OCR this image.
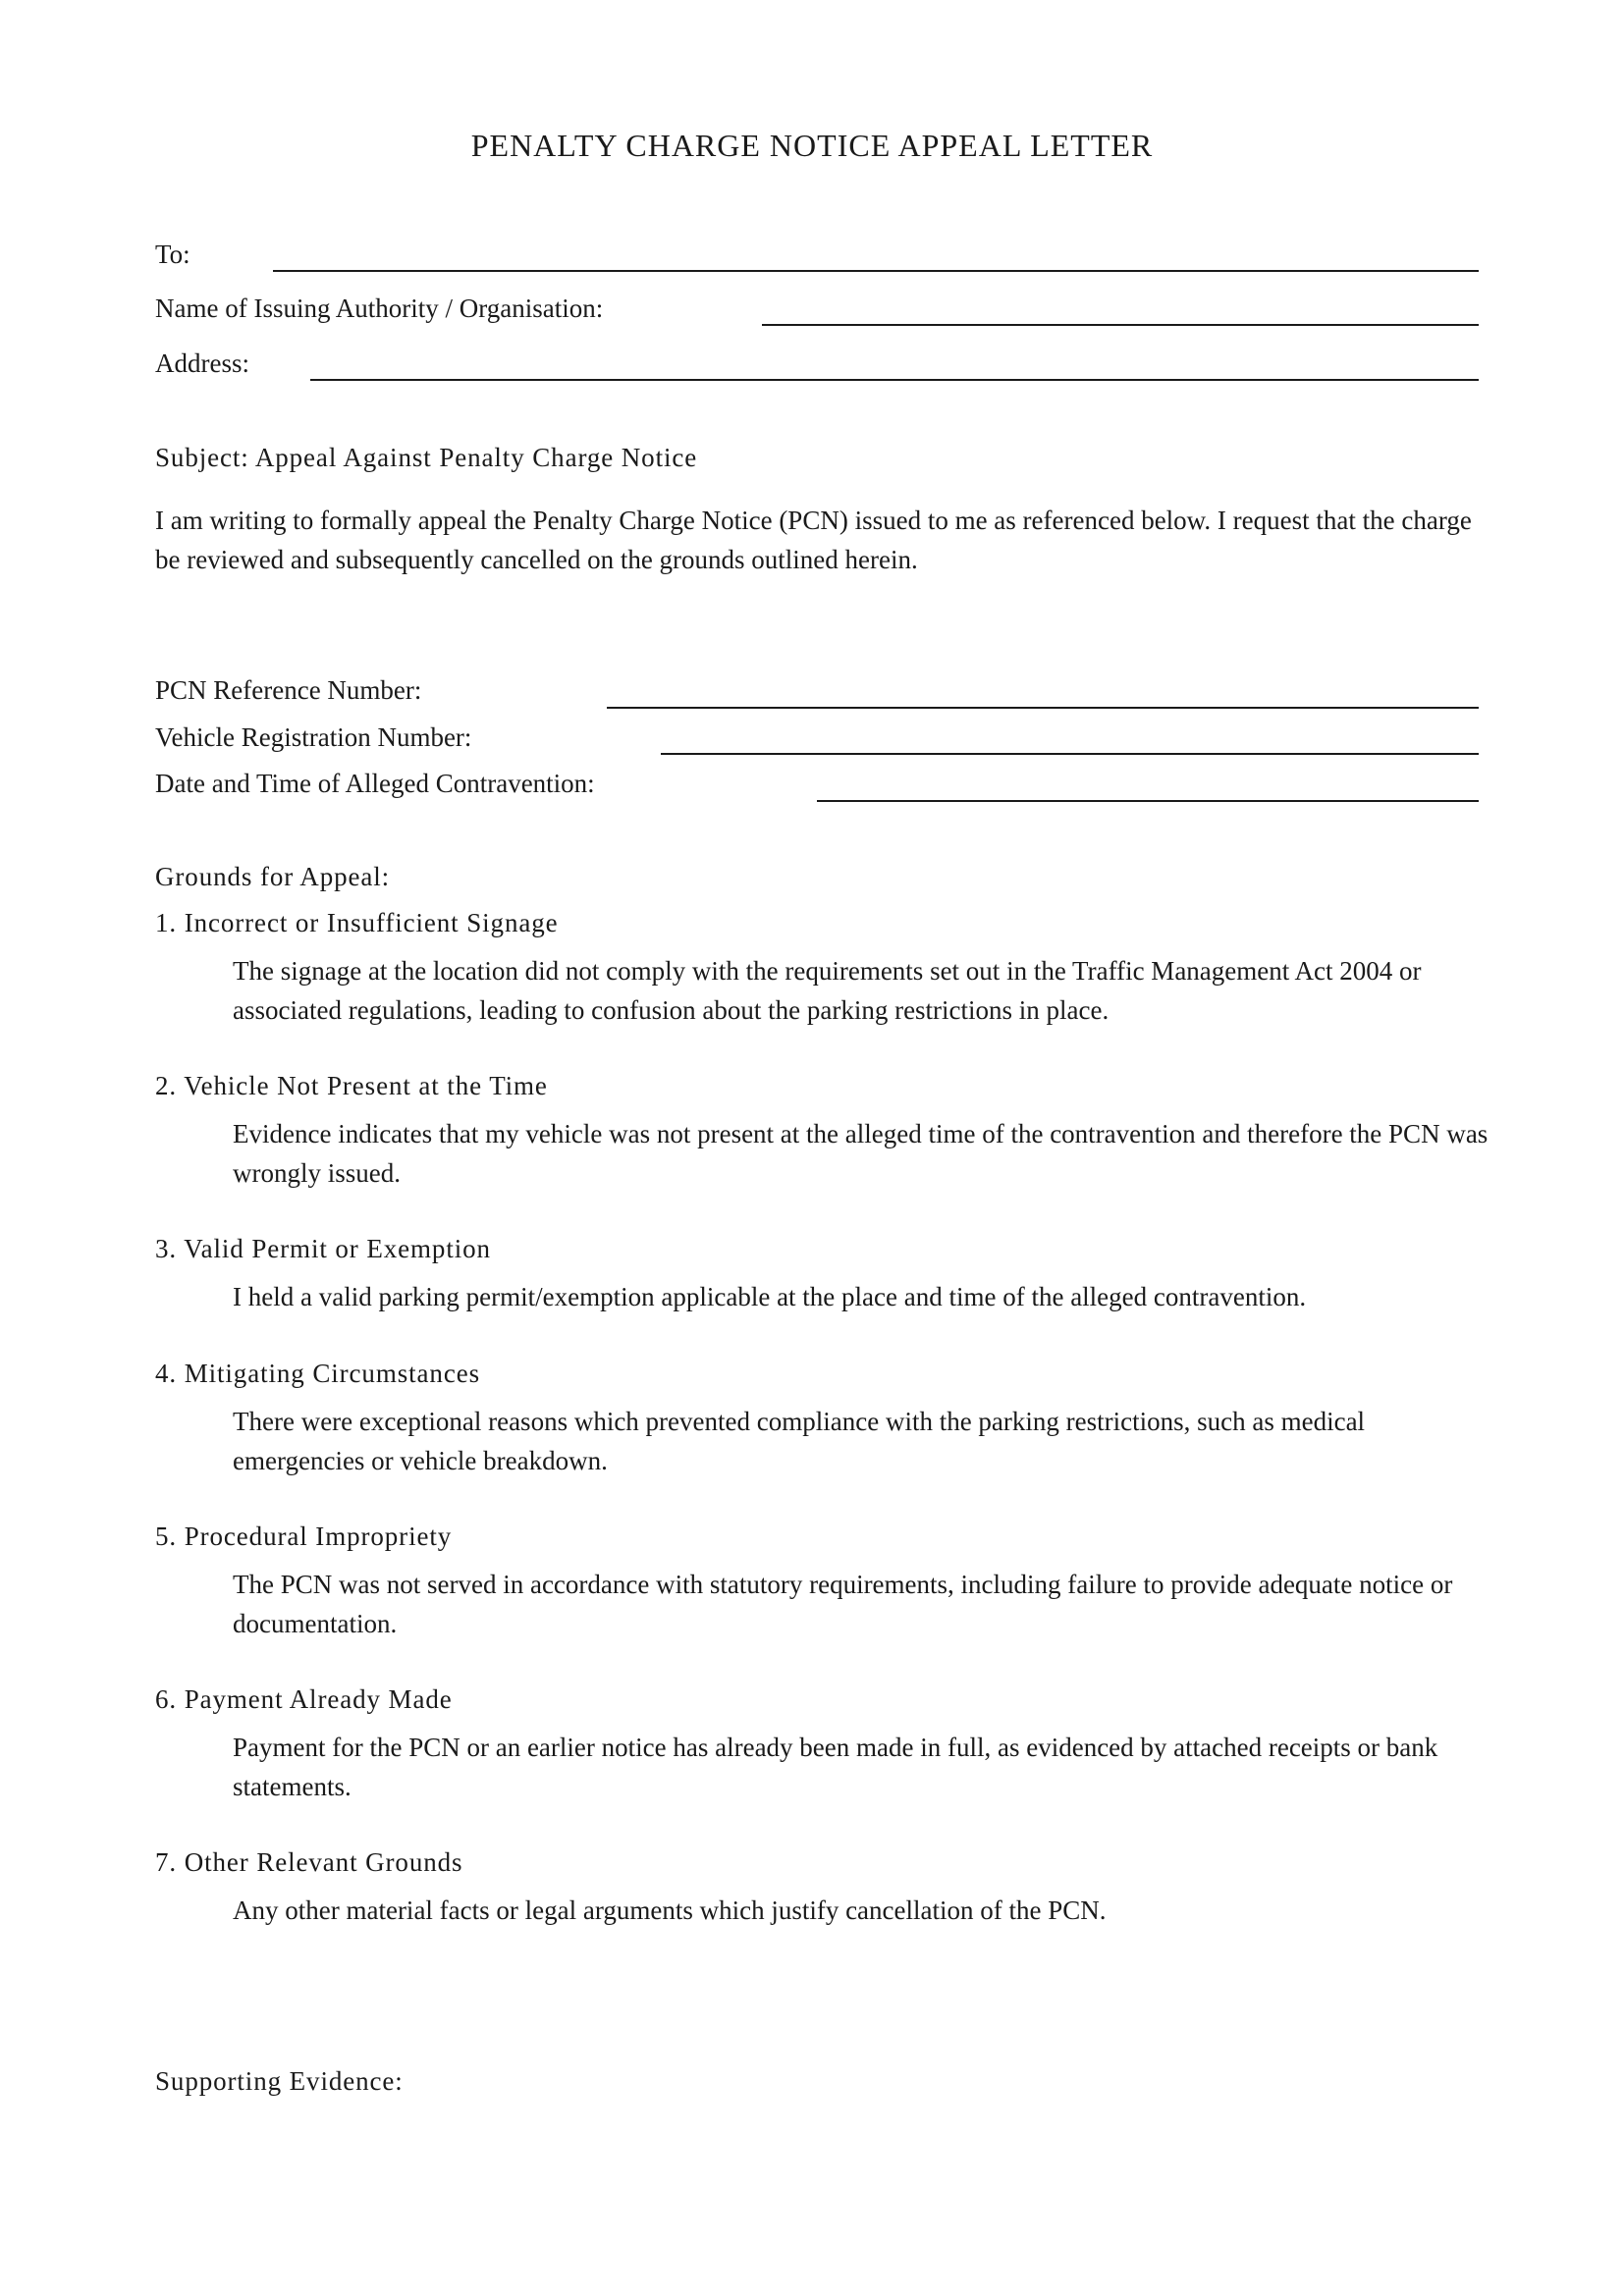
PENALTY CHARGE NOTICE APPEAL LETTER
To:
Name of Issuing Authority / Organisation:
Address:
Subject: Appeal Against Penalty Charge Notice
I am writing to formally appeal the Penalty Charge Notice (PCN) issued to me as referenced below. I request that the charge be reviewed and subsequently cancelled on the grounds outlined herein.
PCN Reference Number:
Vehicle Registration Number:
Date and Time of Alleged Contravention:
Grounds for Appeal:
1. Incorrect or Insufficient Signage
The signage at the location did not comply with the requirements set out in the Traffic Management Act 2004 or associated regulations, leading to confusion about the parking restrictions in place.
2. Vehicle Not Present at the Time
Evidence indicates that my vehicle was not present at the alleged time of the contravention and therefore the PCN was wrongly issued.
3. Valid Permit or Exemption
I held a valid parking permit/exemption applicable at the place and time of the alleged contravention.
4. Mitigating Circumstances
There were exceptional reasons which prevented compliance with the parking restrictions, such as medical emergencies or vehicle breakdown.
5. Procedural Impropriety
The PCN was not served in accordance with statutory requirements, including failure to provide adequate notice or documentation.
6. Payment Already Made
Payment for the PCN or an earlier notice has already been made in full, as evidenced by attached receipts or bank statements.
7. Other Relevant Grounds
Any other material facts or legal arguments which justify cancellation of the PCN.
Supporting Evidence:
